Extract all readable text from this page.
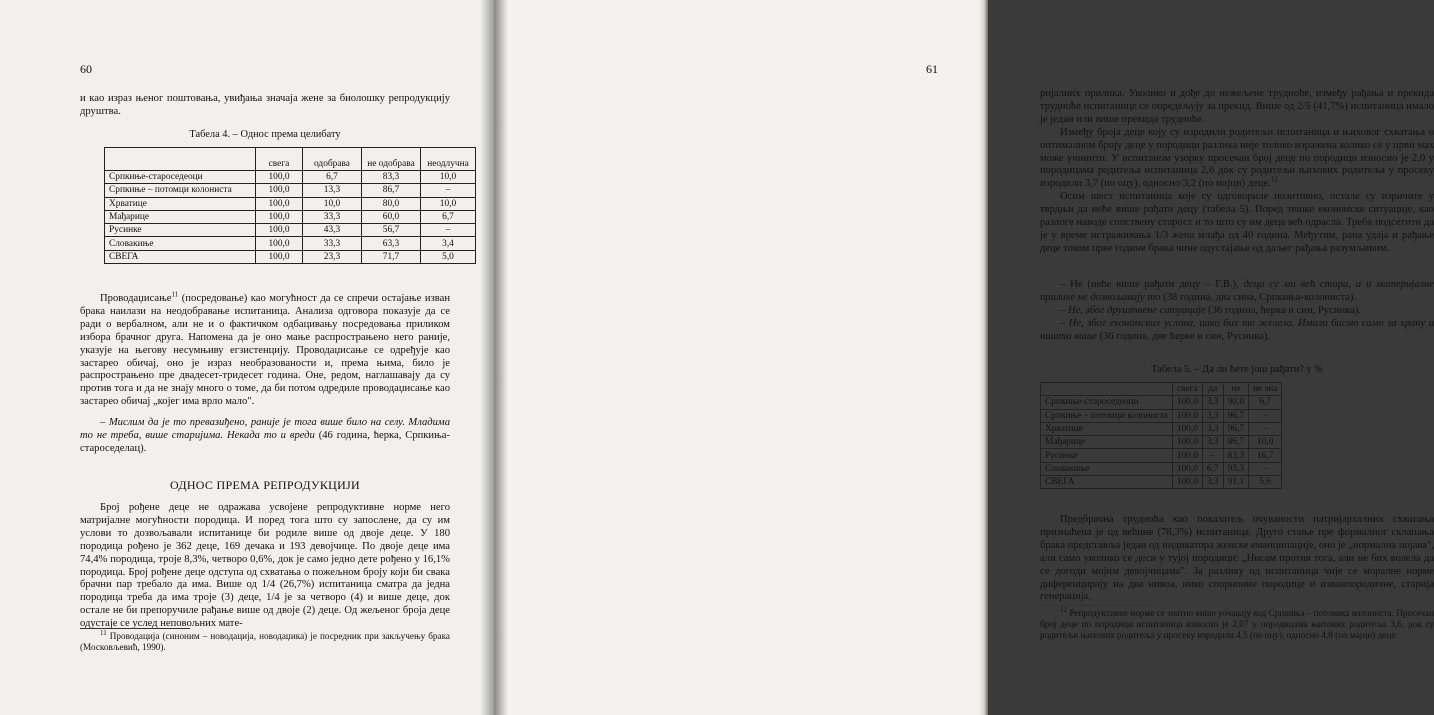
60

и као израз њеног поштовања, увиђања значаја жене за биолошку репродукцију друштва.

Табела 4. – Однос према целибату
	свега	одобрава	не одобрава	неодлучна
Српкиње-староседеоци	100,0	6,7	83,3	10,0
Српкиње – потомци колониста	100,0	13,3	86,7	–
Хрватице	100,0	10,0	80,0	10,0
Мађарице	100,0	33,3	60,0	6,7
Русинке	100,0	43,3	56,7	–
Словакиње	100,0	33,3	63,3	3,4
СВЕГА	100,0	23,3	71,7	5,0

Проводаџисање$^{11}$ (посредовање) као могућност да се спречи остајање изван брака наилази на неодобравање испитаница. Анализа одговора показује да се ради о вербалном, али не и о фактичком одбацивању посредовања приликом избора брачног друга. Напомена да је оно мање распрострањено него раније, указује на његову несумњиву егзистенцију. Проводаџисање се одређује као застарео обичај, оно је израз необразованости и, према њима, било је распрострањено пре двадесет-тридесет година. Оне, редом, наглашавају да су против тога и да не знају много о томе, да би потом одредиле проводаџисање као застарео обичај „којег има врло мало".

– Мислим да је то превазиђено, раније је тога више било на селу. Младима то не треба, више старијима. Некада то и вреди (46 година, ћерка, Српкиња-староседелац).

ОДНОС ПРЕМА РЕПРОДУКЦИЈИ

Број рођене деце не одражава усвојене репродуктивне норме него матријалне могућности породица. И поред тога што су запослене, да су им услови то дозвољавали испитанице би родиле више од двоје деце. У 180 породица рођено је 362 деце, 169 дечака и 193 девојчице. По двоје деце има 74,4% породица, троје 8,3%, четворо 0,6%, док је само једно дете рођено у 16,1% породица. Број рођене деце одступа од схватања о пожељном броју који би свака брачни пар требало да има. Више од 1/4 (26,7%) испитаница сматра да једна породица треба да има троје (3) деце, 1/4 је за четворо (4) и више деце, док остале не би препоручиле рађање више од двоје (2) деце. Од жељеног броја деце одустаје се услед неповољних мате-

$^{11}$ Проводација (синоним – новодација, новодаџика) је посредник при закључењу брака (Московљевић, 1990).

61

ријалних прилика. Уколико и дође до нежељене трудноће, између рађања и прекида трудноће испитанице се опредељују за прекид. Више од 2/5 (41,7%) испитаница имало је један или више прекида трудноће.

Између броја деце коју су изродили родитељи испитаница и њиховог схватања о оптималном броју деце у породици разлика није толико изражена колико се у први мах може учинити. У испитаном узорку просечан број деце по породици износио је 2,0 у породицама родитеља испитаница 2,6 док су родитељи њихових родитеља у просеку изродили 3,7 (по оцу), односно 3,2 (по мајци) деце.$^{12}$

Осим шест испитаница које су одговориле позитивно, остале су изричите у тврдњи да неће више рађати децу (табела 5). Поред тешке економске ситуације, као разлоге наводе сопствену старост и то што су им деца већ одрасла. Треба подсетити да је у време истраживања 1/3 жена млађа од 40 година. Међутим, рана удаја и рађање деце током прве године брака чине одустајање од даљег рађања разумљивим.

– Не (неће више рађати децу – Г.В.), деца су ми већ стара, а и материјалне прилике не дозвољавају то (38 година, два сина, Српкиња-колониста).

– Не, због друштвене ситуације (36 година, ћерка и син, Русинка).

– Не, због економских услова, иако бих то желела. Имали бисмо само за храну и ништа више (36 година, две ћерке и син, Русинка).

Табела 5. – Да ли ћете још рађати? у %
	свега	да	не	не зна
Српкиње-староседеоци	100,0	3,3	90,0	6,7
Српкиње – потомци колониста	100,0	3,3	96,7	–
Хрватице	100,0	3,3	96,7	–
Мађарице	100,0	3,3	86,7	10,0
Русинке	100,0	–	83,3	16,7
Словакиње	100,0	6,7	93,3	–
СВЕГА	100,0	3,3	91,1	5,6

Предбрачна трудноћа као показатељ очуваности патријархалних схватања признаћена је од већине (78,3%) испитаница. Друго стање пре формалног склапања брака представља један од индикатора женске еманципације, оно је „нормална појава", али само уколико се деси у тујој породици: „Нисам против тога, али не бих волела да се догоди мојим девојчицама". За разлику од испитаница чије се моралне норме диференцирају на два нивоа, нико спорноние породице и изванпородичне, старија генерација,

$^{12}$ Репродуктивне норме се знатно више уочавају код Српкиња – потомака колониста. Просечан број деце по породици испитаница износио је 2,07 у породицама њихових родитеља 3,6, док су родитељи њихових родитеља у просеку изродили 4,5 (по оцу), односно 4,8 (по мајци) деце.
